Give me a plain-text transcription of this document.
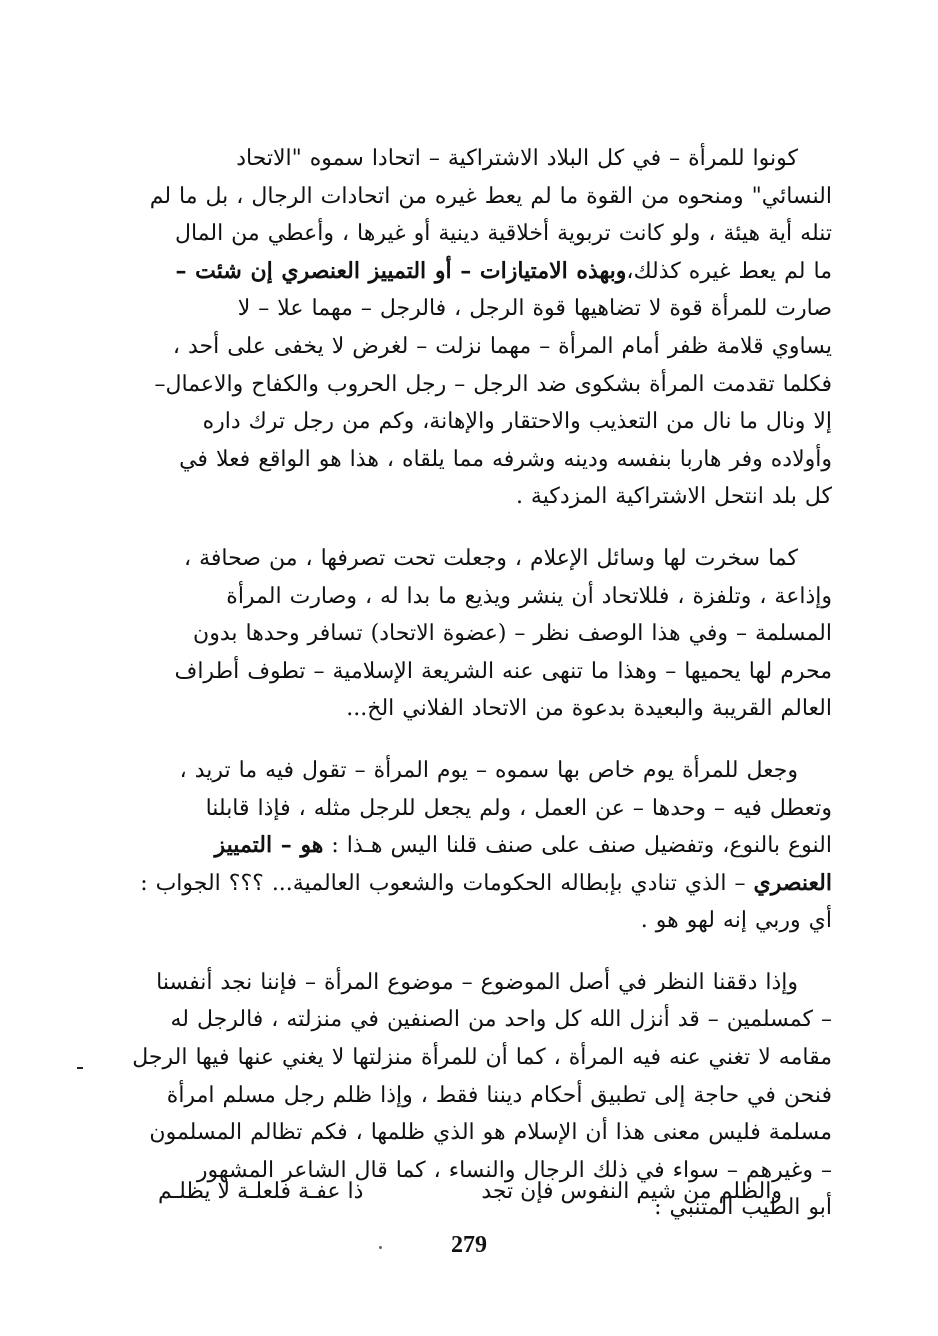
كونوا للمرأة – في كل البلاد الاشتراكية – اتحادا سموه "الاتحاد
النسائي" ومنحوه من القوة ما لم يعط غيره من اتحادات الرجال ، بل ما لم
تنله أية هيئة ، ولو كانت تربوية أخلاقية دينية أو غيرها ، وأعطي من المال
ما لم يعط غيره كذلك،وبهذه الامتيازات – أو التمييز العنصري إن شئت –
صارت للمرأة قوة لا تضاهيها قوة الرجل ، فالرجل – مهما علا – لا
يساوي قلامة ظفر أمام المرأة – مهما نزلت – لغرض لا يخفى على أحد ،
فكلما تقدمت المرأة بشكوى ضد الرجل – رجل الحروب والكفاح والاعمال–
إلا ونال ما نال من التعذيب والاحتقار والإهانة، وكم من رجل ترك داره
وأولاده وفر هاربا بنفسه ودينه وشرفه مما يلقاه ، هذا هو الواقع فعلا في
كل بلد انتحل الاشتراكية المزدكية .

كما سخرت لها وسائل الإعلام ، وجعلت تحت تصرفها ، من صحافة ،
وإذاعة ، وتلفزة ، فللاتحاد أن ينشر ويذيع ما بدا له ، وصارت المرأة
المسلمة – وفي هذا الوصف نظر – (عضوة الاتحاد) تسافر وحدها بدون
محرم لها يحميها – وهذا ما تنهى عنه الشريعة الإسلامية – تطوف أطراف
العالم القريبة والبعيدة بدعوة من الاتحاد الفلاني الخ...

وجعل للمرأة يوم خاص بها سموه – يوم المرأة – تقول فيه ما تريد ،
وتعطل فيه – وحدها – عن العمل ، ولم يجعل للرجل مثله ، فإذا قابلنا
النوع بالنوع، وتفضيل صنف على صنف قلنا اليس هـذا : هو – التمييز
العنصري – الذي تنادي بإبطاله الحكومات والشعوب العالمية... ؟؟؟ الجواب :
أي وربي إنه لهو هو .

وإذا دققنا النظر في أصل الموضوع – موضوع المرأة – فإننا نجد أنفسنا
– كمسلمين – قد أنزل الله كل واحد من الصنفين في منزلته ، فالرجل له
مقامه لا تغني عنه فيه المرأة ، كما أن للمرأة منزلتها لا يغني عنها فيها الرجل
فنحن في حاجة إلى تطبيق أحكام ديننا فقط ، وإذا ظلم رجل مسلم امرأة
مسلمة فليس معنى هذا أن الإسلام هو الذي ظلمها ، فكم تظالم المسلمون
– وغيرهم – سواء في ذلك الرجال والنساء ، كما قال الشاعر المشهور
أبو الطيب المتنبي :

والظلم من شيم النفوس فإن تجد
ذا عفـة فلعلـة لا يظلـم
279
